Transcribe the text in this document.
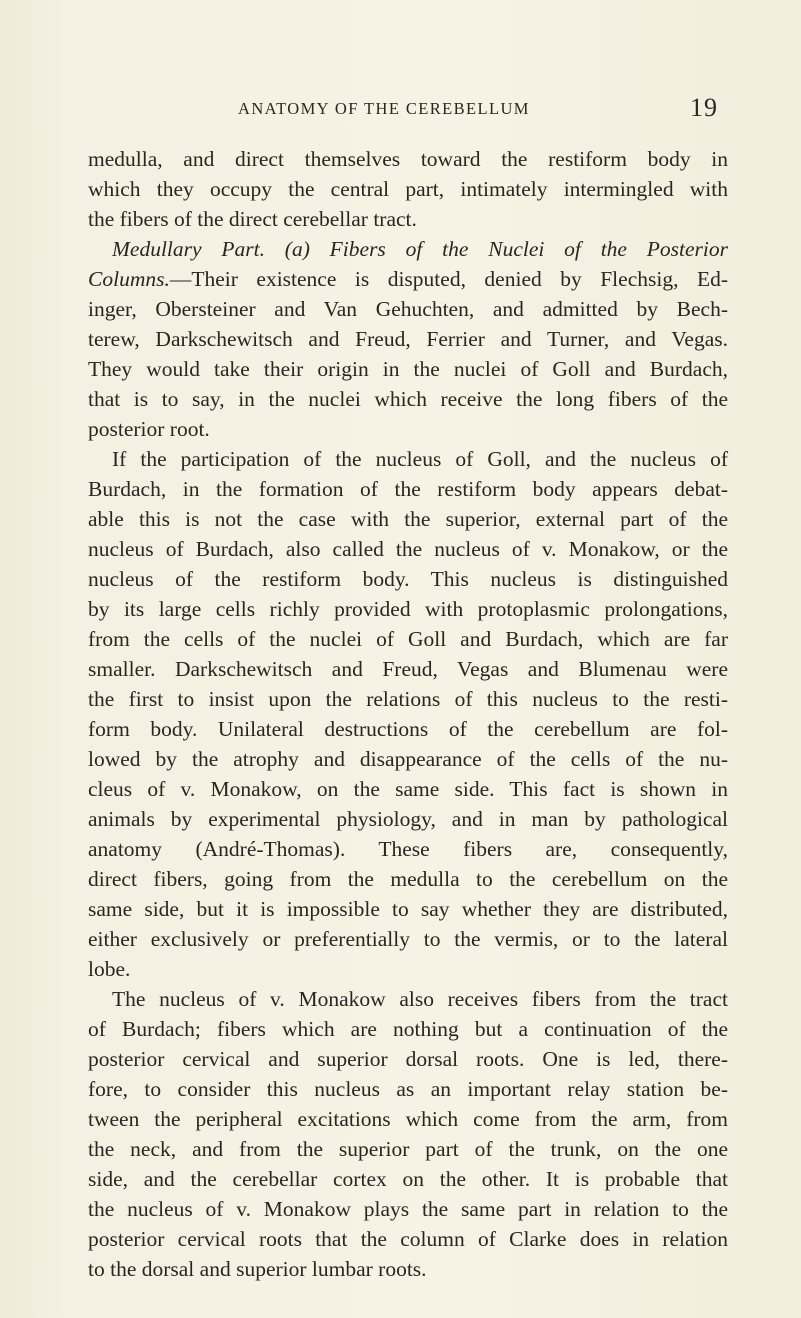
ANATOMY OF THE CEREBELLUM	19
medulla, and direct themselves toward the restiform body in
which they occupy the central part, intimately intermingled with
the fibers of the direct cerebellar tract.
Medullary Part. (a) Fibers of the Nuclei of the Posterior
Columns.—Their existence is disputed, denied by Flechsig, Ed-
inger, Obersteiner and Van Gehuchten, and admitted by Bech-
terew, Darkschewitsch and Freud, Ferrier and Turner, and Vegas.
They would take their origin in the nuclei of Goll and Burdach,
that is to say, in the nuclei which receive the long fibers of the
posterior root.
If the participation of the nucleus of Goll, and the nucleus of
Burdach, in the formation of the restiform body appears debat-
able this is not the case with the superior, external part of the
nucleus of Burdach, also called the nucleus of v. Monakow, or the
nucleus of the restiform body. This nucleus is distinguished
by its large cells richly provided with protoplasmic prolongations,
from the cells of the nuclei of Goll and Burdach, which are far
smaller. Darkschewitsch and Freud, Vegas and Blumenau were
the first to insist upon the relations of this nucleus to the resti-
form body. Unilateral destructions of the cerebellum are fol-
lowed by the atrophy and disappearance of the cells of the nu-
cleus of v. Monakow, on the same side. This fact is shown in
animals by experimental physiology, and in man by pathological
anatomy (André-Thomas). These fibers are, consequently,
direct fibers, going from the medulla to the cerebellum on the
same side, but it is impossible to say whether they are distributed,
either exclusively or preferentially to the vermis, or to the lateral
lobe.
The nucleus of v. Monakow also receives fibers from the tract
of Burdach; fibers which are nothing but a continuation of the
posterior cervical and superior dorsal roots. One is led, there-
fore, to consider this nucleus as an important relay station be-
tween the peripheral excitations which come from the arm, from
the neck, and from the superior part of the trunk, on the one
side, and the cerebellar cortex on the other. It is probable that
the nucleus of v. Monakow plays the same part in relation to the
posterior cervical roots that the column of Clarke does in relation
to the dorsal and superior lumbar roots.
